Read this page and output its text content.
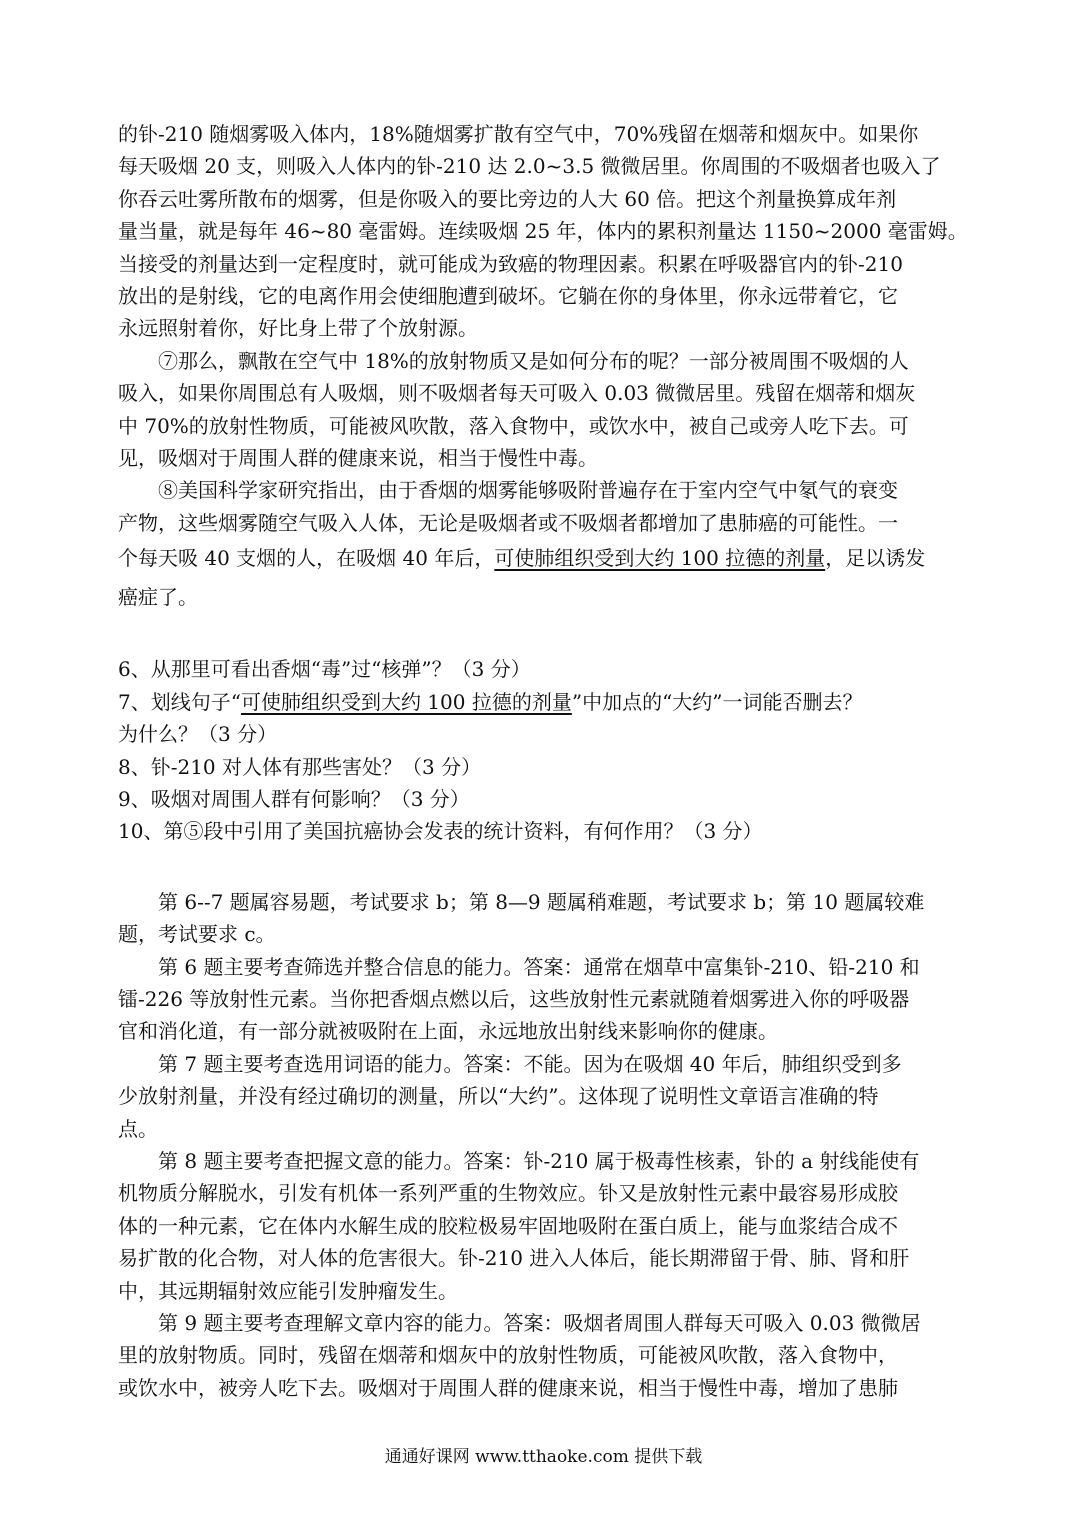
的钋-210 随烟雾吸入体内，18%随烟雾扩散有空气中，70%残留在烟蒂和烟灰中。如果你

每天吸烟 20 支，则吸入人体内的钋-210 达 2.0~3.5 微微居里。你周围的不吸烟者也吸入了

你吞云吐雾所散布的烟雾，但是你吸入的要比旁边的人大 60 倍。把这个剂量换算成年剂

量当量，就是每年 46~80 毫雷姆。连续吸烟 25 年，体内的累积剂量达 1150~2000 毫雷姆。

当接受的剂量达到一定程度时，就可能成为致癌的物理因素。积累在呼吸器官内的钋-210

放出的是射线，它的电离作用会使细胞遭到破坏。它躺在你的身体里，你永远带着它，它

永远照射着你，好比身上带了个放射源。

⑦那么，飘散在空气中 18%的放射物质又是如何分布的呢？一部分被周围不吸烟的人

吸入，如果你周围总有人吸烟，则不吸烟者每天可吸入 0.03 微微居里。残留在烟蒂和烟灰

中 70%的放射性物质，可能被风吹散，落入食物中，或饮水中，被自己或旁人吃下去。可

见，吸烟对于周围人群的健康来说，相当于慢性中毒。

⑧美国科学家研究指出，由于香烟的烟雾能够吸附普遍存在于室内空气中氡气的衰变

产物，这些烟雾随空气吸入人体，无论是吸烟者或不吸烟者都增加了患肺癌的可能性。一

个每天吸 40 支烟的人，在吸烟 40 年后，可使肺组织受到大约 100 拉德的剂量，足以诱发

癌症了。

6、从那里可看出香烟“毒”过“核弹”？（3 分）

7、划线句子“可使肺组织受到大约 100 拉德的剂量”中加点的“大约”一词能否删去？

为什么？（3 分）

8、钋-210 对人体有那些害处？（3 分）

9、吸烟对周围人群有何影响？（3 分）

10、第⑤段中引用了美国抗癌协会发表的统计资料，有何作用？（3 分）

第 6--7 题属容易题，考试要求 b；第 8—9 题属稍难题，考试要求 b；第 10 题属较难

题，考试要求 c。

第 6 题主要考查筛选并整合信息的能力。答案：通常在烟草中富集钋-210、铅-210 和

镭-226 等放射性元素。当你把香烟点燃以后，这些放射性元素就随着烟雾进入你的呼吸器

官和消化道，有一部分就被吸附在上面，永远地放出射线来影响你的健康。

第 7 题主要考查选用词语的能力。答案：不能。因为在吸烟 40 年后，肺组织受到多

少放射剂量，并没有经过确切的测量，所以“大约”。这体现了说明性文章语言准确的特

点。

第 8 题主要考查把握文意的能力。答案：钋-210 属于极毒性核素，钋的 a 射线能使有

机物质分解脱水，引发有机体一系列严重的生物效应。钋又是放射性元素中最容易形成胶

体的一种元素，它在体内水解生成的胶粒极易牢固地吸附在蛋白质上，能与血浆结合成不

易扩散的化合物，对人体的危害很大。钋-210 进入人体后，能长期滞留于骨、肺、肾和肝

中，其远期辐射效应能引发肿瘤发生。

第 9 题主要考查理解文章内容的能力。答案：吸烟者周围人群每天可吸入 0.03 微微居

里的放射物质。同时，残留在烟蒂和烟灰中的放射性物质，可能被风吹散，落入食物中，

或饮水中，被旁人吃下去。吸烟对于周围人群的健康来说，相当于慢性中毒，增加了患肺

通通好课网 www.tthaoke.com 提供下载
